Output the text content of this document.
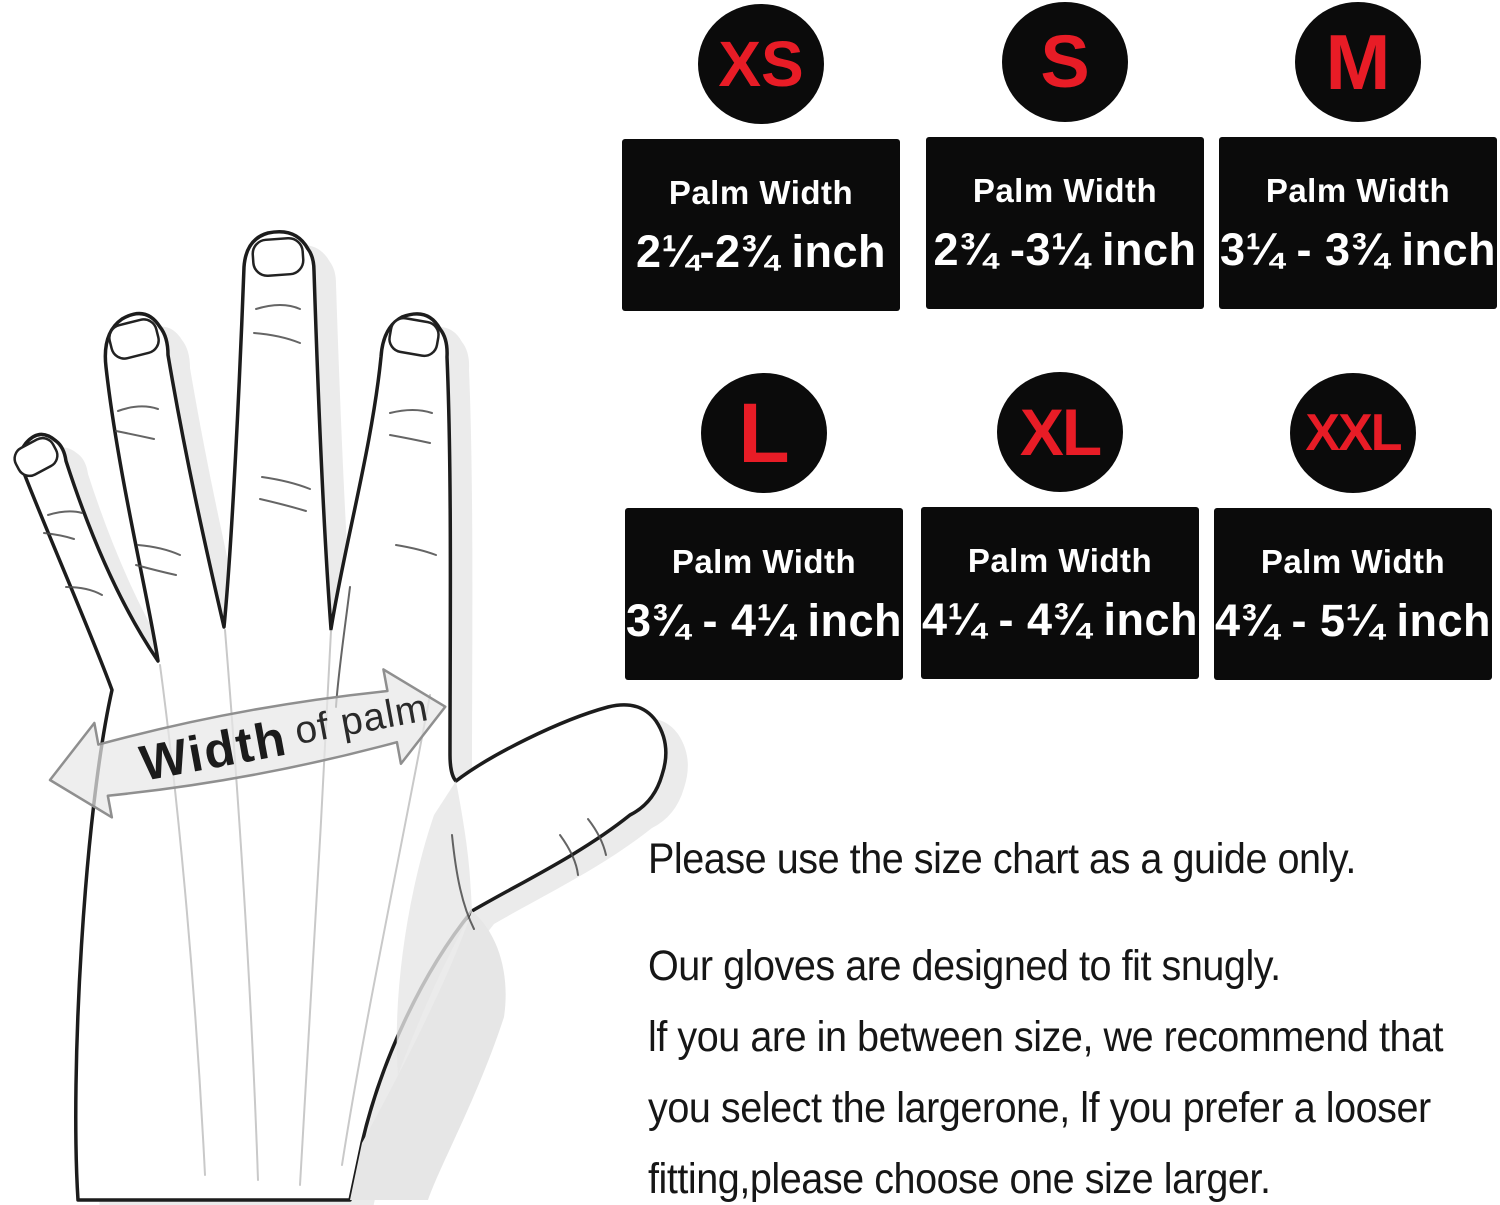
Width of palm
XS
Palm Width
2¼-2¾ inch
S
Palm Width
2¾ -3¼ inch
M
Palm Width
3¼ - 3¾ inch
L
Palm Width
3¾ - 4¼ inch
XL
Palm Width
4¼ - 4¾ inch
XXL
Palm Width
4¾ - 5¼ inch

Please use the size chart as a guide only.

Our gloves are designed to fit snugly.

lf you are in between size, we recommend that

you select the largerone, lf you prefer a looser

fitting,please choose one size larger.
